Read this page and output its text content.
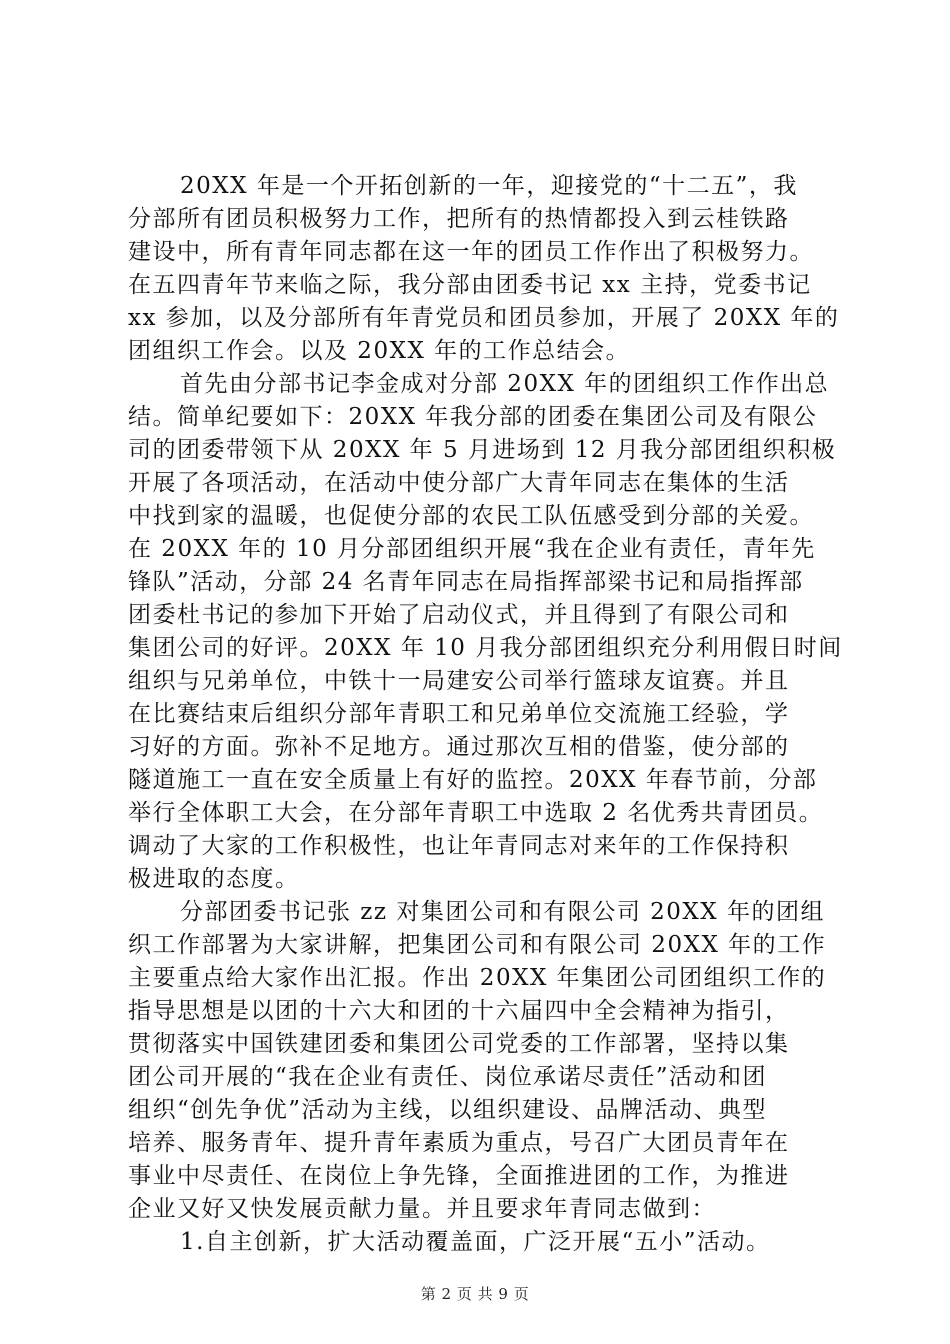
20XX 年是一个开拓创新的一年，迎接党的“十二五”，我
分部所有团员积极努力工作，把所有的热情都投入到云桂铁路
建设中，所有青年同志都在这一年的团员工作作出了积极努力。
在五四青年节来临之际，我分部由团委书记 xx 主持，党委书记
xx 参加，以及分部所有年青党员和团员参加，开展了 20XX 年的
团组织工作会。以及 20XX 年的工作总结会。
首先由分部书记李金成对分部 20XX 年的团组织工作作出总
结。简单纪要如下：20XX 年我分部的团委在集团公司及有限公
司的团委带领下从 20XX 年 5 月进场到 12 月我分部团组织积极
开展了各项活动，在活动中使分部广大青年同志在集体的生活
中找到家的温暖，也促使分部的农民工队伍感受到分部的关爱。
在 20XX 年的 10 月分部团组织开展“我在企业有责任，青年先
锋队”活动，分部 24 名青年同志在局指挥部梁书记和局指挥部
团委杜书记的参加下开始了启动仪式，并且得到了有限公司和
集团公司的好评。20XX 年 10 月我分部团组织充分利用假日时间
组织与兄弟单位，中铁十一局建安公司举行篮球友谊赛。并且
在比赛结束后组织分部年青职工和兄弟单位交流施工经验，学
习好的方面。弥补不足地方。通过那次互相的借鉴，使分部的
隧道施工一直在安全质量上有好的监控。20XX 年春节前，分部
举行全体职工大会，在分部年青职工中选取 2 名优秀共青团员。
调动了大家的工作积极性，也让年青同志对来年的工作保持积
极进取的态度。
分部团委书记张 zz 对集团公司和有限公司 20XX 年的团组
织工作部署为大家讲解，把集团公司和有限公司 20XX 年的工作
主要重点给大家作出汇报。作出 20XX 年集团公司团组织工作的
指导思想是以团的十六大和团的十六届四中全会精神为指引，
贯彻落实中国铁建团委和集团公司党委的工作部署，坚持以集
团公司开展的“我在企业有责任、岗位承诺尽责任”活动和团
组织“创先争优”活动为主线，以组织建设、品牌活动、典型
培养、服务青年、提升青年素质为重点，号召广大团员青年在
事业中尽责任、在岗位上争先锋，全面推进团的工作，为推进
企业又好又快发展贡献力量。并且要求年青同志做到：
1.自主创新，扩大活动覆盖面，广泛开展“五小”活动。
第 2 页 共 9 页
